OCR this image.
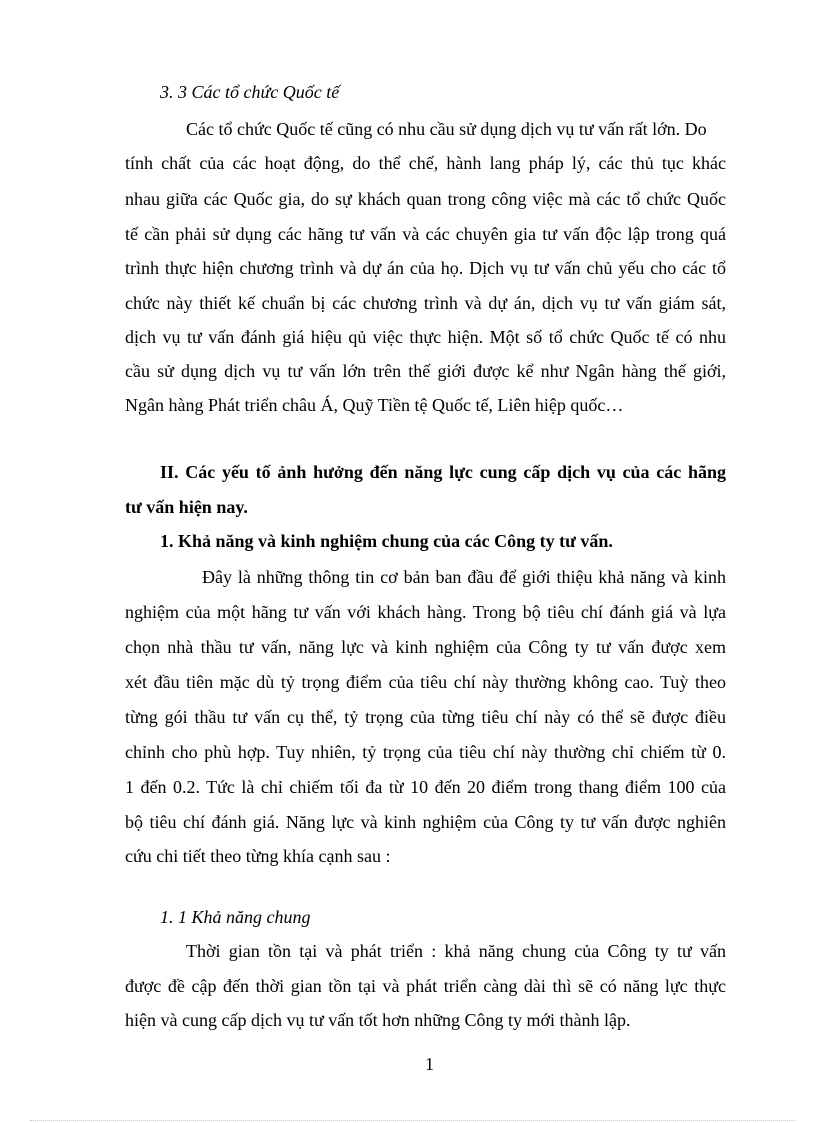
3. 3 Các tổ chức Quốc tế
Các tổ chức Quốc tế cũng có nhu cầu sử dụng dịch vụ tư vấn rất lớn. Do
tính chất của các hoạt động, do thể chế, hành lang pháp lý, các thủ tục khác
nhau giữa các Quốc gia, do sự khách quan trong công việc mà các tổ chức Quốc
tế cần phải sử dụng các hãng tư vấn và các chuyên gia tư vấn độc lập trong quá
trình thực hiện chương trình và dự án của họ. Dịch vụ tư vấn chủ yếu cho các tổ
chức này thiết kế chuẩn bị các chương trình và dự án, dịch vụ tư vấn giám sát,
dịch vụ tư vấn đánh giá hiệu qủ việc thực hiện. Một số tổ chức Quốc tế có nhu
cầu sử dụng dịch vụ tư vấn lớn trên thế giới được kể như Ngân hàng thế giới,
Ngân hàng Phát triển châu Á, Quỹ Tiền tệ Quốc tế, Liên hiệp quốc…
II. Các yếu tố ảnh hưởng đến năng lực cung cấp dịch vụ của các hãng
tư vấn hiện nay.
1. Khả năng và kinh nghiệm chung của các Công ty tư vấn.
Đây là những thông tin cơ bản ban đầu để giới thiệu khả năng và kinh
nghiệm của một hãng tư vấn với khách hàng. Trong bộ tiêu chí đánh giá và lựa
chọn nhà thầu tư vấn, năng lực và kinh nghiệm của Công ty tư vấn được xem
xét đầu tiên mặc dù tỷ trọng điểm của tiêu chí này thường không cao. Tuỳ theo
từng gói thầu tư vấn cụ thể, tỷ trọng của từng tiêu chí này có thể sẽ được điều
chỉnh cho phù hợp. Tuy nhiên, tỷ trọng của tiêu chí này thường chỉ chiếm từ 0.
1 đến 0.2. Tức là chỉ chiếm tối đa từ 10 đến 20 điểm trong thang điểm 100 của
bộ tiêu chí đánh giá. Năng lực và kinh nghiệm của Công ty tư vấn được nghiên
cứu chi tiết theo từng khía cạnh sau :
1. 1 Khả năng chung
Thời gian tồn tại và phát triển : khả năng chung của Công ty tư vấn
được đề cập đến thời gian tồn tại và phát triển càng dài thì sẽ có năng lực thực
hiện và cung cấp dịch vụ tư vấn tốt hơn những Công ty mới thành lập.
1
